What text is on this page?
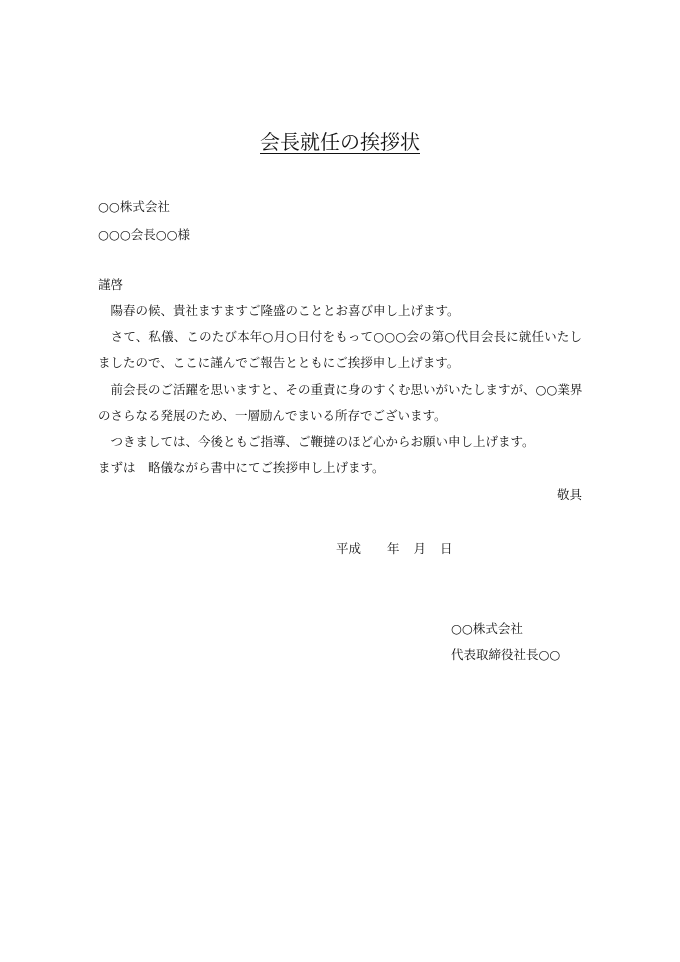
会長就任の挨拶状
○○株式会社
○○○会長○○様
謹啓
　陽春の候、貴社ますますご隆盛のこととお喜び申し上げます。
　さて、私儀、このたび本年○月○日付をもって○○○会の第○代目会長に就任いたし
ましたので、ここに謹んでご報告とともにご挨拶申し上げます。
　前会長のご活躍を思いますと、その重責に身のすくむ思いがいたしますが、○○業界
のさらなる発展のため、一層励んでまいる所存でございます。
　つきましては、今後ともご指導、ご鞭撻のほど心からお願い申し上げます。
まずは　略儀ながら書中にてご挨拶申し上げます。
敬具
平成 年 月 日
○○株式会社
代表取締役社長○○
